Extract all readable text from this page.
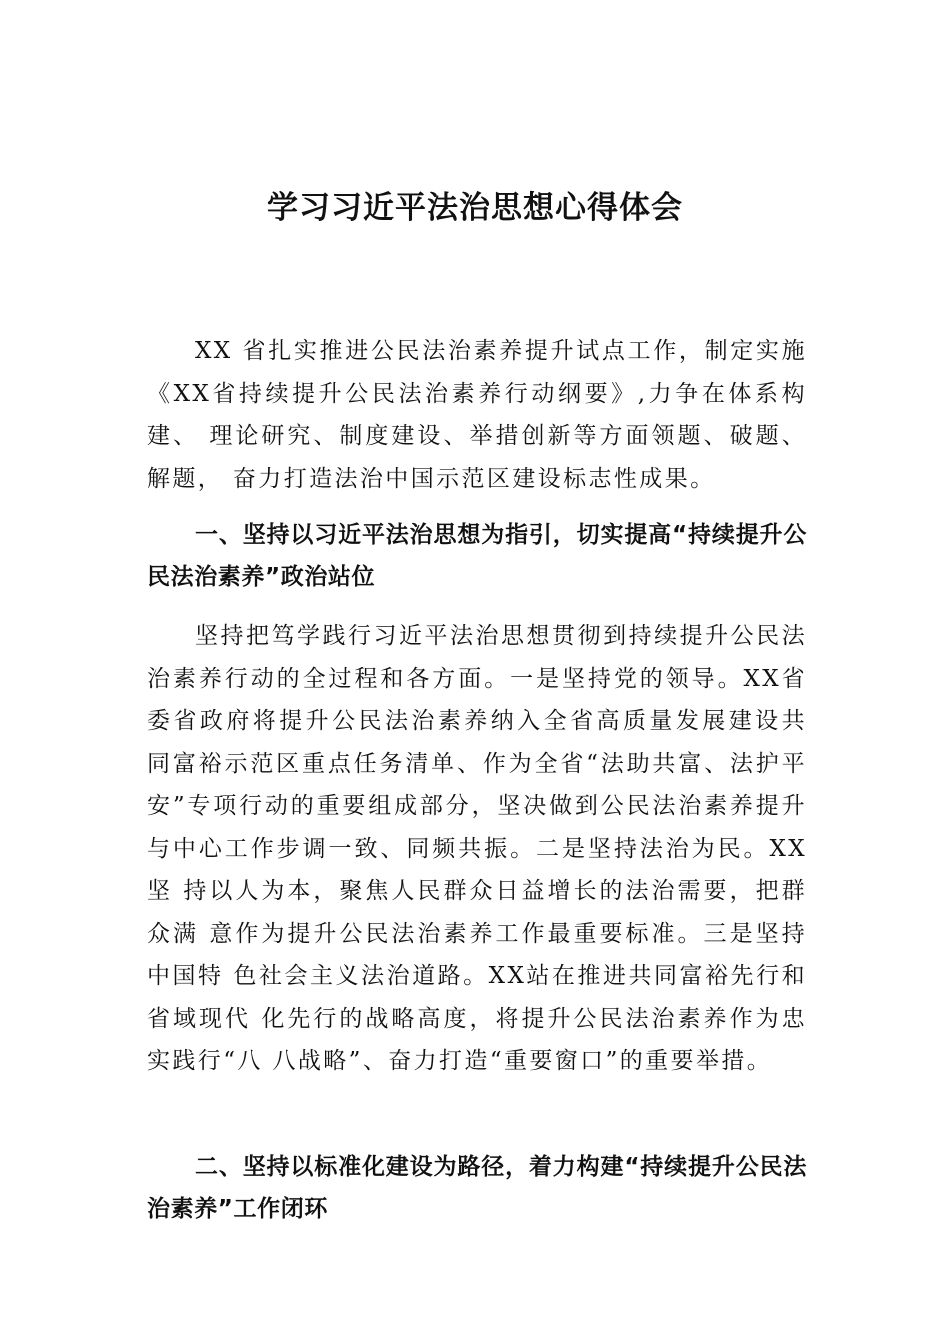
学习习近平法治思想心得体会

XX 省扎实推进公民法治素养提升试点工作，制定实施《XX省持续提升公民法治素养行动纲要》,力争在体系构建、 理论研究、制度建设、举措创新等方面领题、破题、解题， 奋力打造法治中国示范区建设标志性成果。

一、坚持以习近平法治思想为指引，切实提高“持续提升公民法治素养”政治站位

坚持把笃学践行习近平法治思想贯彻到持续提升公民法治素养行动的全过程和各方面。一是坚持党的领导。XX省 委省政府将提升公民法治素养纳入全省高质量发展建设共 同富裕示范区重点任务清单、作为全省“法助共富、法护平 安”专项行动的重要组成部分，坚决做到公民法治素养提升 与中心工作步调一致、同频共振。二是坚持法治为民。XX 坚 持以人为本，聚焦人民群众日益增长的法治需要，把群众满 意作为提升公民法治素养工作最重要标准。三是坚持中国特 色社会主义法治道路。XX站在推进共同富裕先行和省域现代 化先行的战略高度，将提升公民法治素养作为忠实践行“八 八战略”、奋力打造“重要窗口”的重要举措。

二、坚持以标准化建设为路径，着力构建“持续提升公民法治素养”工作闭环
